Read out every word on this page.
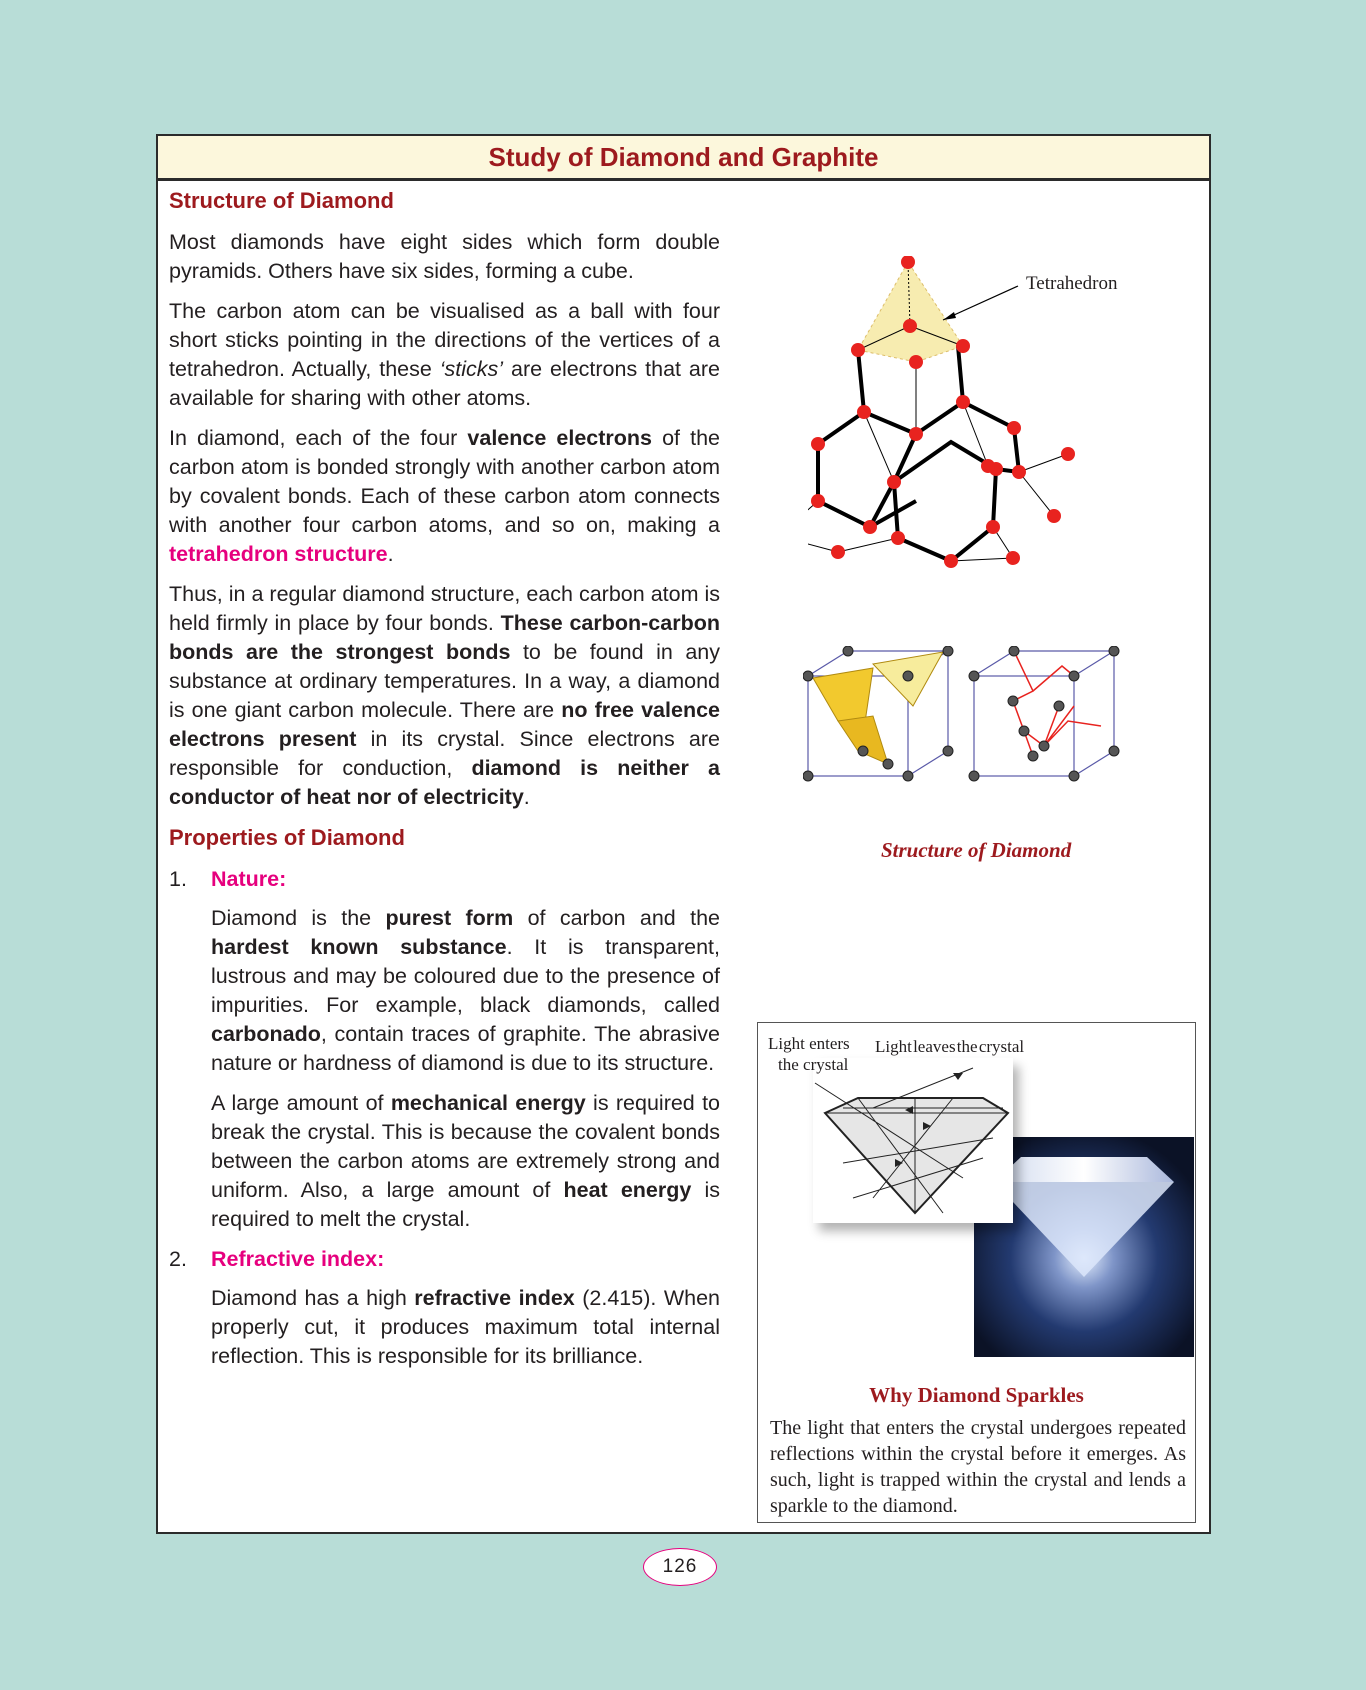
Study of Diamond and Graphite
Structure of Diamond

Most diamonds have eight sides which form double pyramids. Others have six sides, forming a cube.

The carbon atom can be visualised as a ball with four short sticks pointing in the directions of the vertices of a tetrahedron. Actually, these ‘sticks’ are electrons that are available for sharing with other atoms.

In diamond, each of the four valence electrons of the carbon atom is bonded strongly with another carbon atom by covalent bonds. Each of these carbon atom connects with another four carbon atoms, and so on, making a tetrahedron structure.

Thus, in a regular diamond structure, each carbon atom is held firmly in place by four bonds. These carbon-carbon bonds are the strongest bonds to be found in any substance at ordinary temperatures. In a way, a diamond is one giant carbon molecule. There are no free valence electrons present in its crystal. Since electrons are responsible for conduction, diamond is neither a conductor of heat nor of electricity.

Properties of Diamond
1.	Nature:

Diamond is the purest form of carbon and the hardest known substance. It is transparent, lustrous and may be coloured due to the presence of impurities. For example, black diamonds, called carbonado, contain traces of graphite. The abrasive nature or hardness of diamond is due to its structure.

A large amount of mechanical energy is required to break the crystal. This is because the covalent bonds between the carbon atoms are extremely strong and uniform. Also, a large amount of heat energy is required to melt the crystal.

2.	Refractive index:

Diamond has a high refractive index (2.415). When properly cut, it produces maximum total internal reflection. This is responsible for its brilliance.

Tetrahedron
Structure of Diamond
Light enters
the crystal
Light leaves the crystal
Why Diamond Sparkles
The light that enters the crystal undergoes repeated reflections within the crystal before it emerges. As such, light is trapped within the crystal and lends a sparkle to the diamond.
126
